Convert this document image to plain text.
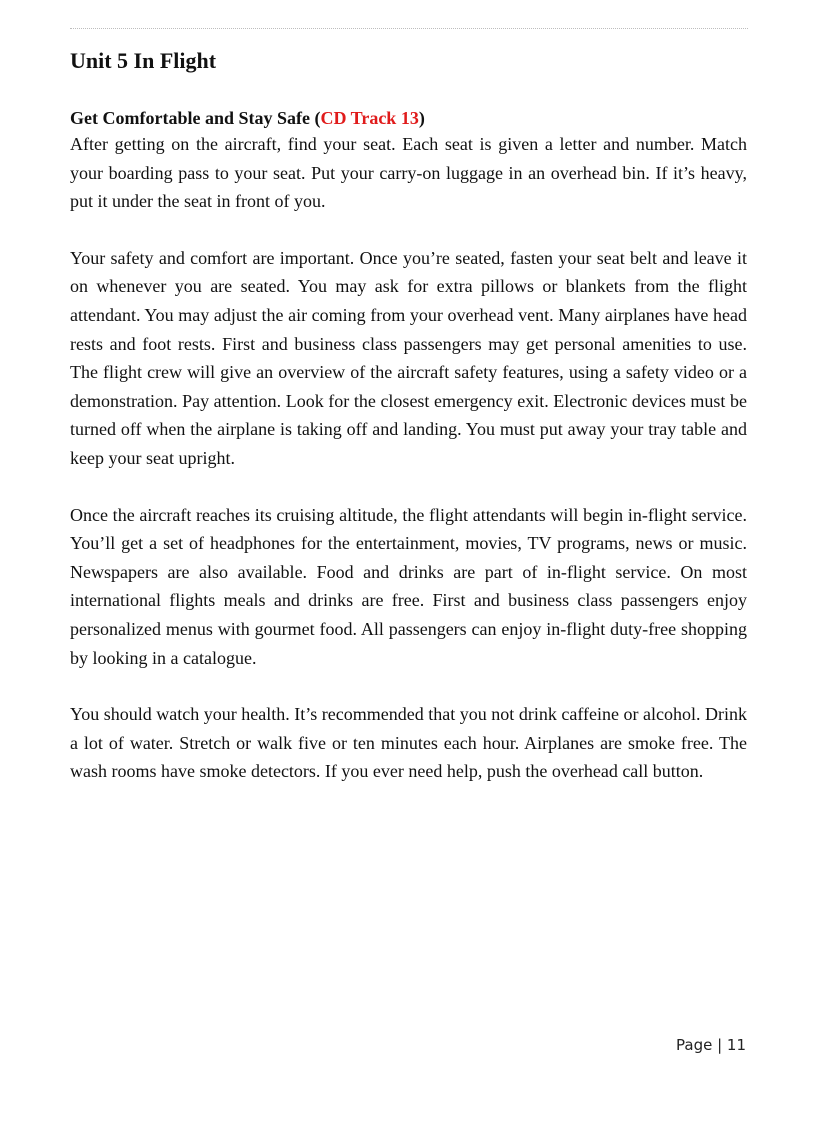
Unit 5 In Flight
Get Comfortable and Stay Safe (CD Track 13)

After getting on the aircraft, find your seat. Each seat is given a letter and number. Match your boarding pass to your seat. Put your carry-on luggage in an overhead bin. If it’s heavy, put it under the seat in front of you.

Your safety and comfort are important. Once you’re seated, fasten your seat belt and leave it on whenever you are seated. You may ask for extra pillows or blankets from the flight attendant. You may adjust the air coming from your overhead vent. Many airplanes have head rests and foot rests. First and business class passengers may get personal amenities to use. The flight crew will give an overview of the aircraft safety features, using a safety video or a demonstration. Pay attention. Look for the closest emergency exit. Electronic devices must be turned off when the airplane is taking off and landing. You must put away your tray table and keep your seat upright.

Once the aircraft reaches its cruising altitude, the flight attendants will begin in-flight service. You’ll get a set of headphones for the entertainment, movies, TV programs, news or music. Newspapers are also available. Food and drinks are part of in-flight service. On most international flights meals and drinks are free. First and business class passengers enjoy personalized menus with gourmet food. All passengers can enjoy in-flight duty-free shopping by looking in a catalogue.

You should watch your health. It’s recommended that you not drink caffeine or alcohol. Drink a lot of water. Stretch or walk five or ten minutes each hour. Airplanes are smoke free. The wash rooms have smoke detectors. If you ever need help, push the overhead call button.

Page | 11
